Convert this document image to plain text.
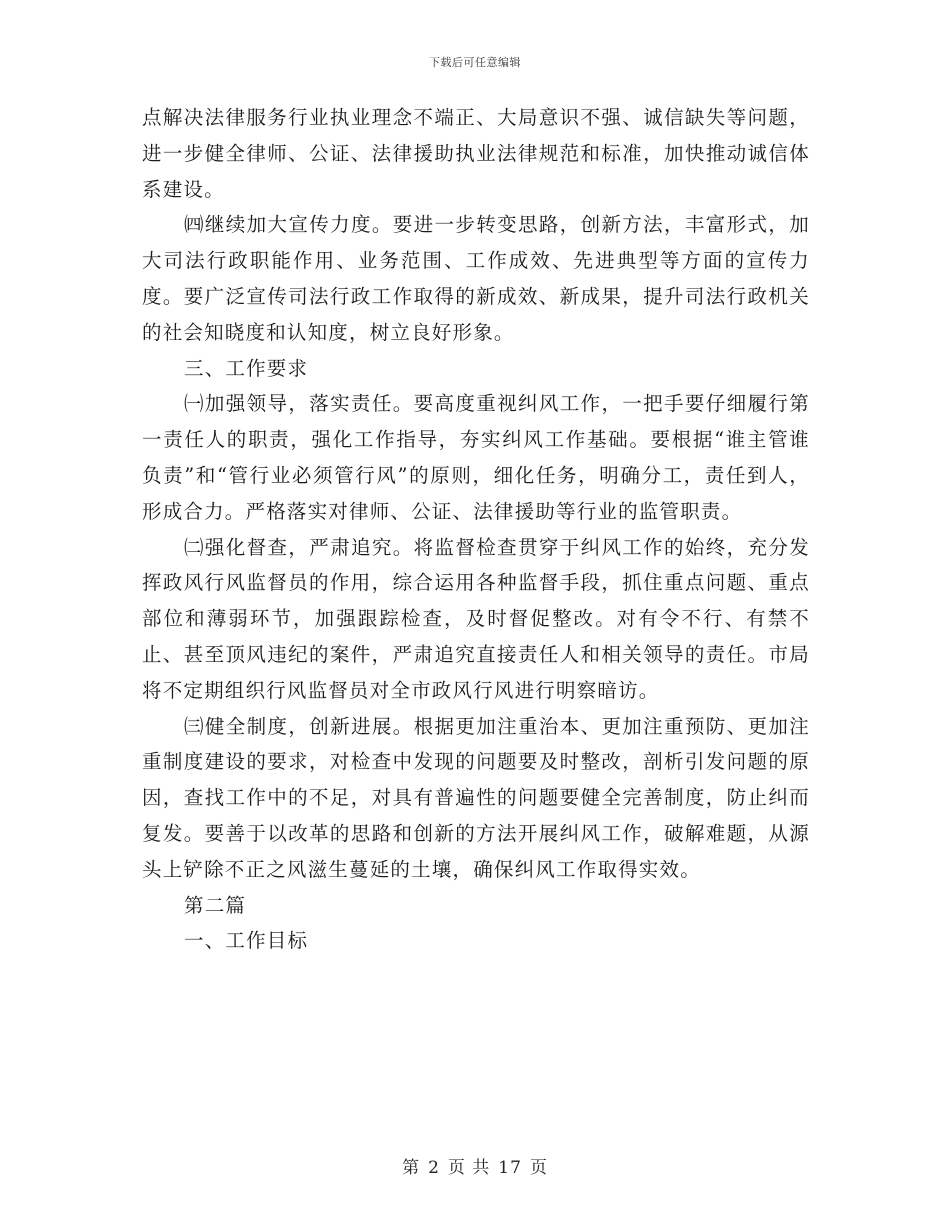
下载后可任意编辑

点解决法律服务行业执业理念不端正、大局意识不强、诚信缺失等问题，进一步健全律师、公证、法律援助执业法律规范和标准，加快推动诚信体系建设。

㈣继续加大宣传力度。要进一步转变思路，创新方法，丰富形式，加大司法行政职能作用、业务范围、工作成效、先进典型等方面的宣传力度。要广泛宣传司法行政工作取得的新成效、新成果，提升司法行政机关的社会知晓度和认知度，树立良好形象。

三、工作要求

㈠加强领导，落实责任。要高度重视纠风工作，一把手要仔细履行第一责任人的职责，强化工作指导，夯实纠风工作基础。要根据“谁主管谁负责”和“管行业必须管行风”的原则，细化任务，明确分工，责任到人，形成合力。严格落实对律师、公证、法律援助等行业的监管职责。

㈡强化督查，严肃追究。将监督检查贯穿于纠风工作的始终，充分发挥政风行风监督员的作用，综合运用各种监督手段，抓住重点问题、重点部位和薄弱环节，加强跟踪检查，及时督促整改。对有令不行、有禁不止、甚至顶风违纪的案件，严肃追究直接责任人和相关领导的责任。市局将不定期组织行风监督员对全市政风行风进行明察暗访。

㈢健全制度，创新进展。根据更加注重治本、更加注重预防、更加注重制度建设的要求，对检查中发现的问题要及时整改，剖析引发问题的原因，查找工作中的不足，对具有普遍性的问题要健全完善制度，防止纠而复发。要善于以改革的思路和创新的方法开展纠风工作，破解难题，从源头上铲除不正之风滋生蔓延的土壤，确保纠风工作取得实效。

第二篇

一、工作目标

第 2 页 共 17 页
